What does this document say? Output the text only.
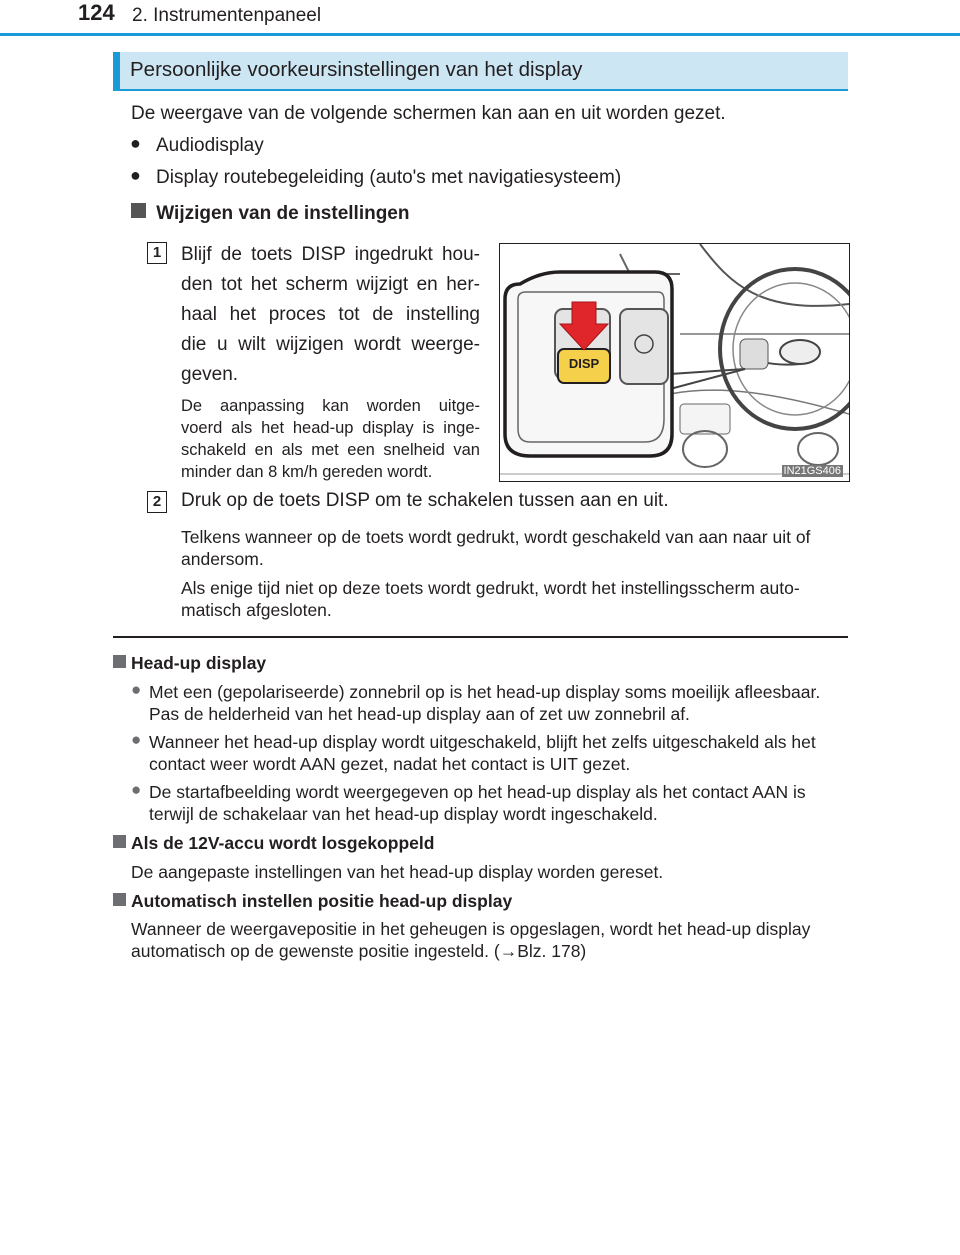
124 2. Instrumentenpaneel
Persoonlijke voorkeursinstellingen van het display
De weergave van de volgende schermen kan aan en uit worden gezet.
● Audiodisplay
● Display routebegeleiding (auto's met navigatiesysteem)
Wijzigen van de instellingen
1	Blijf de toets DISP ingedrukt hou-
den tot het scherm wijzigt en her-
haal het proces tot de instelling
die u wilt wijzigen wordt weerge-
geven.
De aanpassing kan worden uitge-
voerd als het head-up display is inge-
schakeld en als met een snelheid van
minder dan 8 km/h gereden wordt.
DISP
IN21GS406
2	Druk op de toets DISP om te schakelen tussen aan en uit.
Telkens wanneer op de toets wordt gedrukt, wordt geschakeld van aan naar uit of
andersom.
Als enige tijd niet op deze toets wordt gedrukt, wordt het instellingsscherm auto-
matisch afgesloten.
Head-up display
● Met een (gepolariseerde) zonnebril op is het head-up display soms moeilijk afleesbaar.
Pas de helderheid van het head-up display aan of zet uw zonnebril af.
● Wanneer het head-up display wordt uitgeschakeld, blijft het zelfs uitgeschakeld als het
contact weer wordt AAN gezet, nadat het contact is UIT gezet.
● De startafbeelding wordt weergegeven op het head-up display als het contact AAN is
terwijl de schakelaar van het head-up display wordt ingeschakeld.
Als de 12V-accu wordt losgekoppeld
De aangepaste instellingen van het head-up display worden gereset.
Automatisch instellen positie head-up display
Wanneer de weergavepositie in het geheugen is opgeslagen, wordt het head-up display
automatisch op de gewenste positie ingesteld. (→Blz. 178)
